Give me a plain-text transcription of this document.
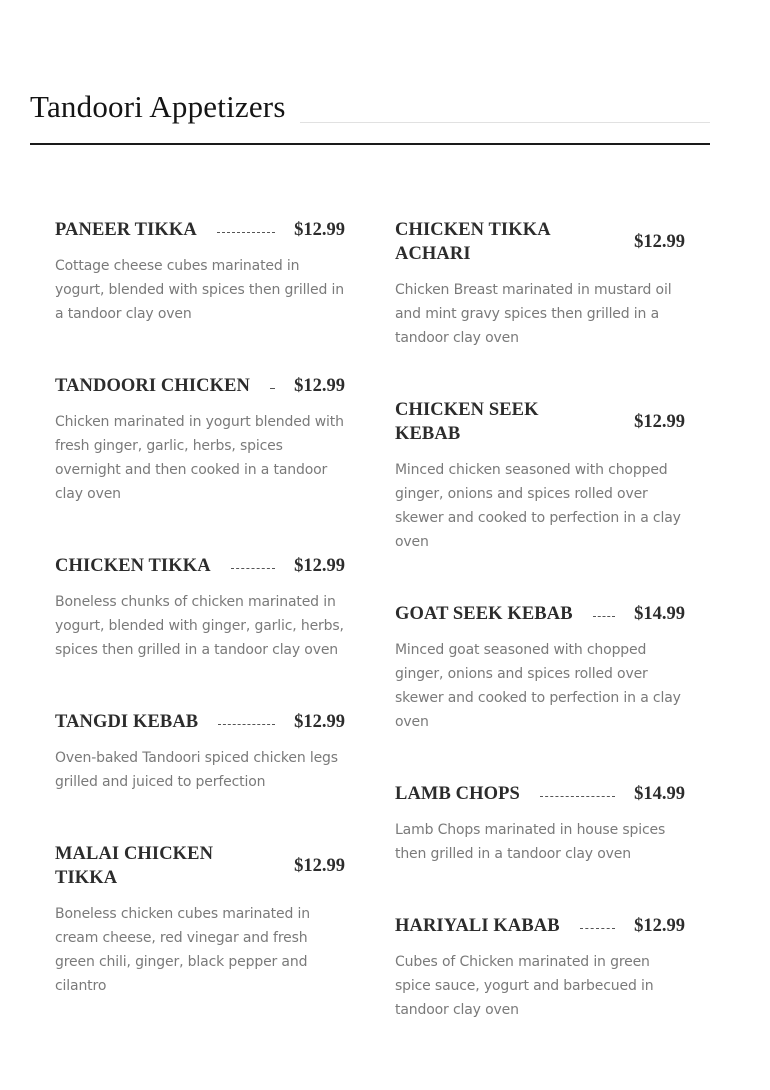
Tandoori Appetizers
PANEER TIKKA	$12.99
Cottage cheese cubes marinated in yogurt, blended with spices then grilled in a tandoor clay oven
TANDOORI CHICKEN $12.99
Chicken marinated in yogurt blended with fresh ginger, garlic, herbs, spices overnight and then cooked in a tandoor clay oven
CHICKEN TIKKA	$12.99
Boneless chunks of chicken marinated in yogurt, blended with ginger, garlic, herbs, spices then grilled in a tandoor clay oven
TANGDI KEBAB	$12.99
Oven-baked Tandoori spiced chicken legs grilled and juiced to perfection
MALAI CHICKEN TIKKA
$12.99
Boneless chicken cubes marinated in cream cheese, red vinegar and fresh green chili, ginger, black pepper and cilantro
CHICKEN TIKKA ACHARI
$12.99
Chicken Breast marinated in mustard oil and mint gravy spices then grilled in a tandoor clay oven
CHICKEN SEEK KEBAB
$12.99
Minced chicken seasoned with chopped ginger, onions and spices rolled over skewer and cooked to perfection in a clay oven
GOAT SEEK KEBAB	$14.99
Minced goat seasoned with chopped ginger, onions and spices rolled over skewer and cooked to perfection in a clay oven
LAMB CHOPS	$14.99
Lamb Chops marinated in house spices then grilled in a tandoor clay oven
HARIYALI KABAB	$12.99
Cubes of Chicken marinated in green spice sauce, yogurt and barbecued in tandoor clay oven
